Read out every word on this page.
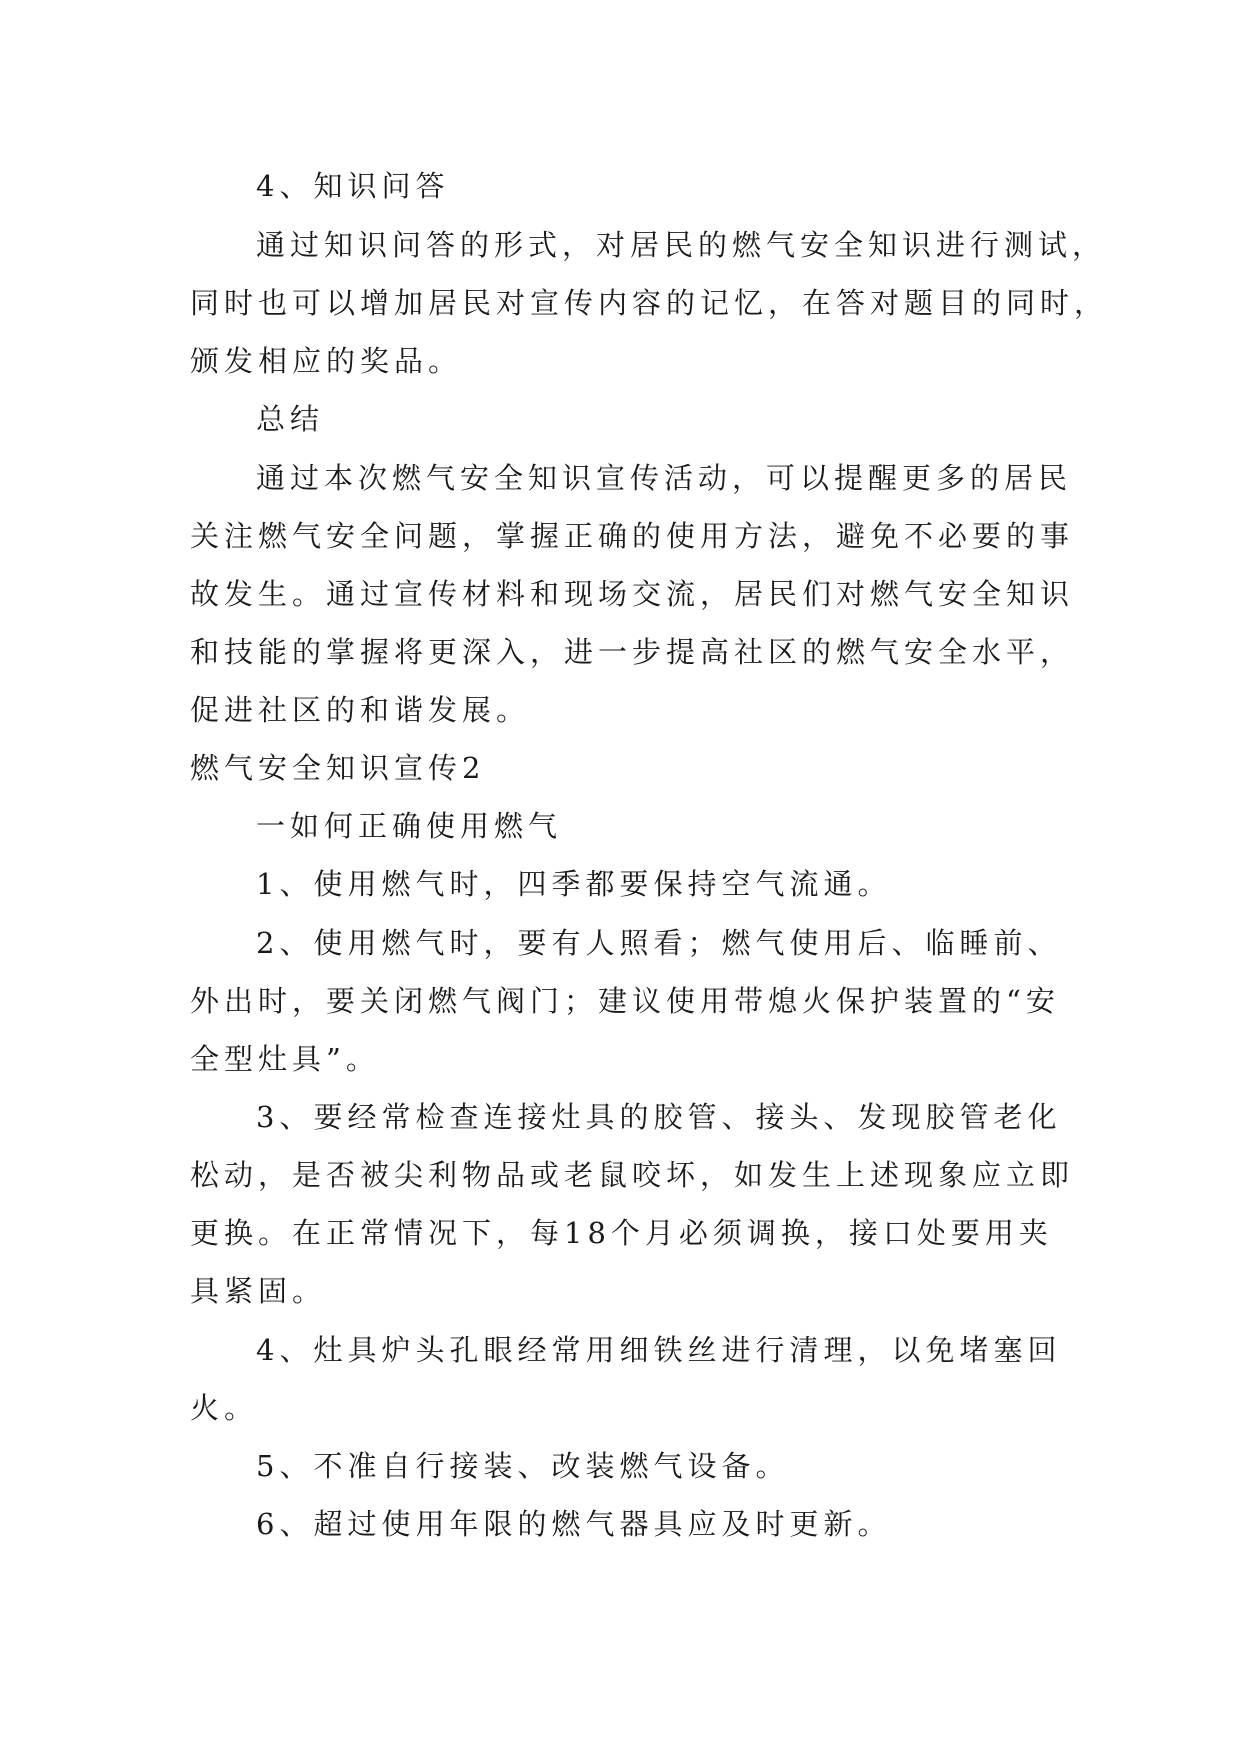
4、知识问答
通过知识问答的形式，对居民的燃气安全知识进行测试，
同时也可以增加居民对宣传内容的记忆，在答对题目的同时，
颁发相应的奖品。
总结
通过本次燃气安全知识宣传活动，可以提醒更多的居民
关注燃气安全问题，掌握正确的使用方法，避免不必要的事
故发生。通过宣传材料和现场交流，居民们对燃气安全知识
和技能的掌握将更深入，进一步提高社区的燃气安全水平，
促进社区的和谐发展。
燃气安全知识宣传2
一如何正确使用燃气
1、使用燃气时，四季都要保持空气流通。
2、使用燃气时，要有人照看；燃气使用后、临睡前、
外出时，要关闭燃气阀门；建议使用带熄火保护装置的“安
全型灶具”。
3、要经常检查连接灶具的胶管、接头、发现胶管老化
松动，是否被尖利物品或老鼠咬坏，如发生上述现象应立即
更换。在正常情况下，每18个月必须调换，接口处要用夹
具紧固。
4、灶具炉头孔眼经常用细铁丝进行清理，以免堵塞回
火。
5、不准自行接装、改装燃气设备。
6、超过使用年限的燃气器具应及时更新。
